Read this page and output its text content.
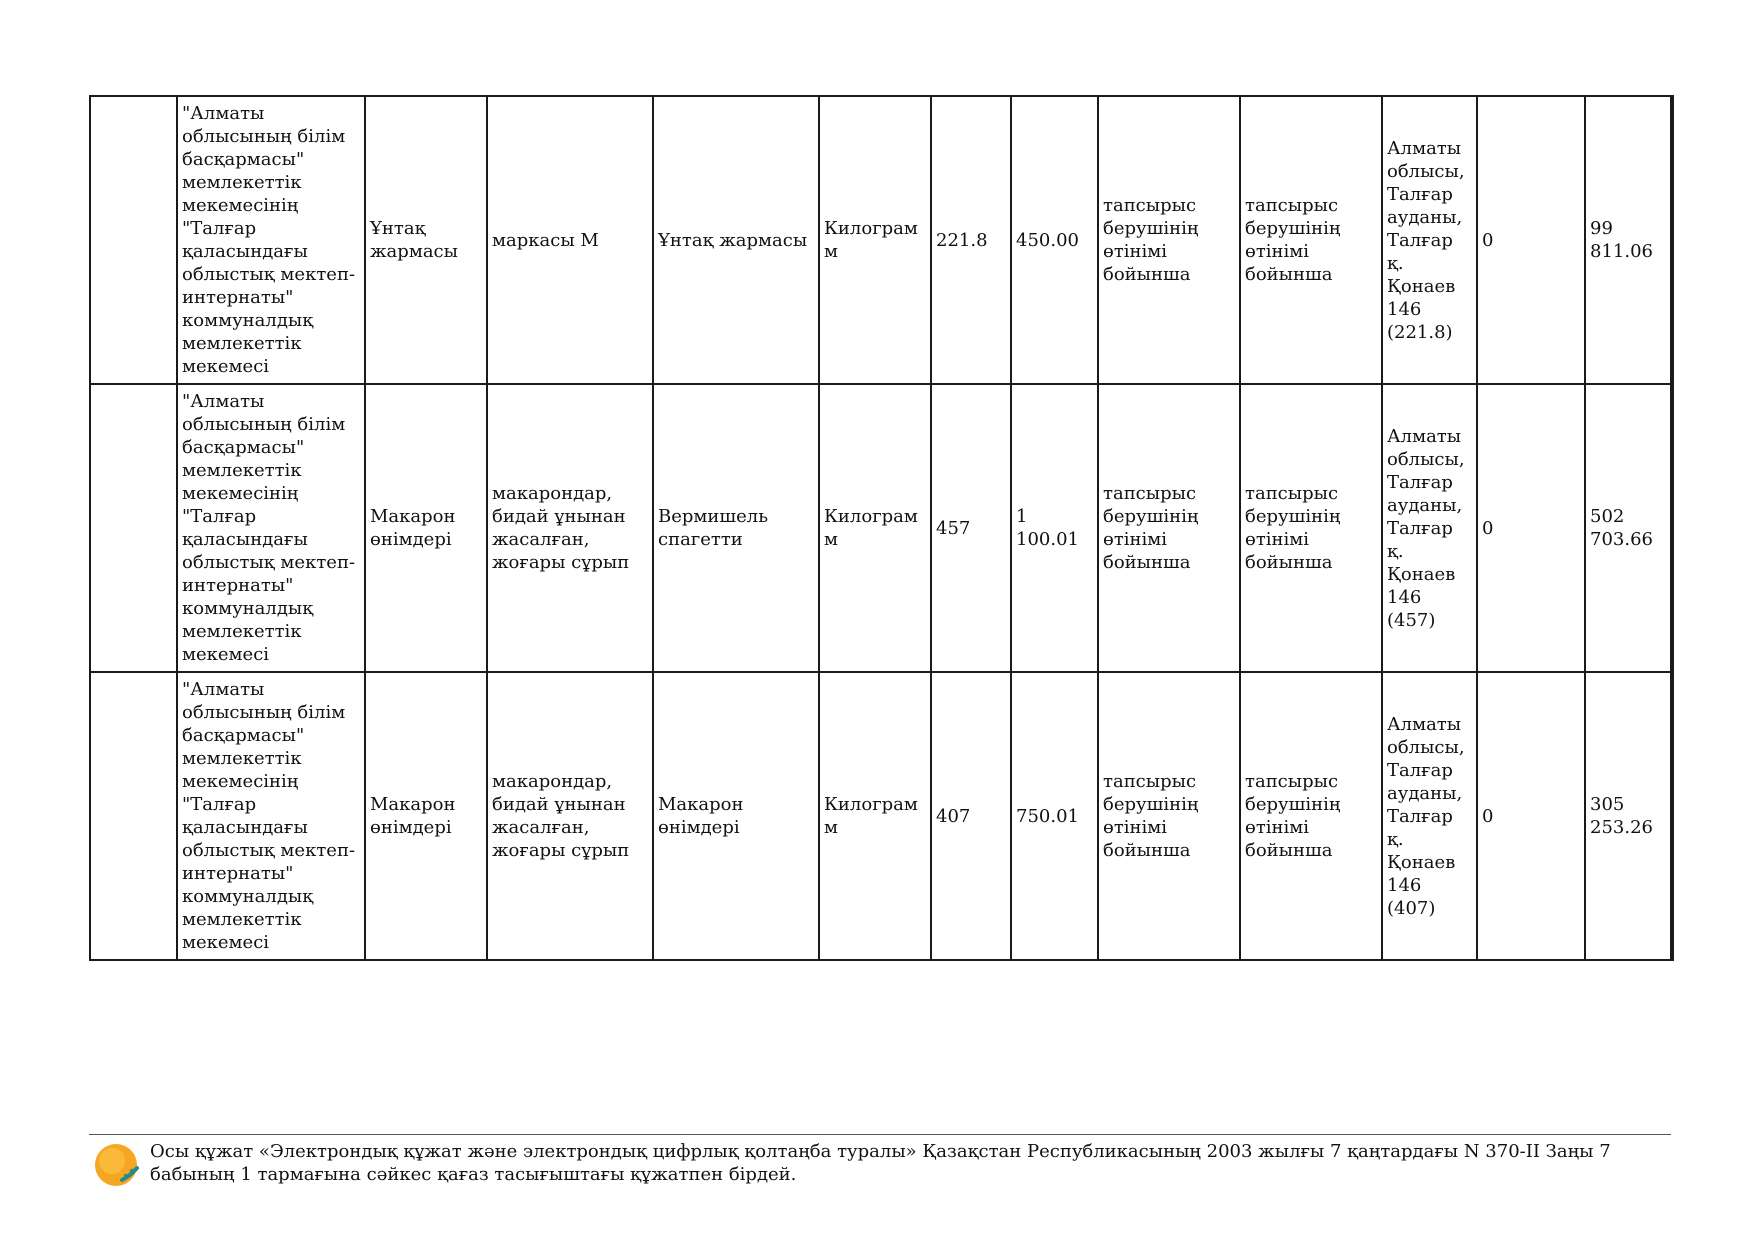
	"Алматы облысының білім басқармасы" мемлекеттік мекемесінің "Талғар қаласындағы облыстық мектеп-интернаты" коммуналдық мемлекеттік мекемесі	Ұнтақ жармасы	маркасы М	Ұнтақ жармасы	Килограмм	221.8	450.00	тапсырыс берушінің өтінімі бойынша	тапсырыс берушінің өтінімі бойынша	Алматы облысы, Талғар ауданы, Талғар қ. Қонаев 146 (221.8)	0	99 811.06
	"Алматы облысының білім басқармасы" мемлекеттік мекемесінің "Талғар қаласындағы облыстық мектеп-интернаты" коммуналдық мемлекеттік мекемесі	Макарон өнімдері	макарондар, бидай ұнынан жасалған, жоғары сұрып	Вермишель спагетти	Килограмм	457	1 100.01	тапсырыс берушінің өтінімі бойынша	тапсырыс берушінің өтінімі бойынша	Алматы облысы, Талғар ауданы, Талғар қ. Қонаев 146 (457)	0	502 703.66
	"Алматы облысының білім басқармасы" мемлекеттік мекемесінің "Талғар қаласындағы облыстық мектеп-интернаты" коммуналдық мемлекеттік мекемесі	Макарон өнімдері	макарондар, бидай ұнынан жасалған, жоғары сұрып	Макарон өнімдері	Килограмм	407	750.01	тапсырыс берушінің өтінімі бойынша	тапсырыс берушінің өтінімі бойынша	Алматы облысы, Талғар ауданы, Талғар қ. Қонаев 146 (407)	0	305 253.26
Осы құжат «Электрондық құжат және электрондық цифрлық қолтаңба туралы» Қазақстан Республикасының 2003 жылғы 7 қаңтардағы N 370-II Заңы 7 бабының 1 тармағына сәйкес қағаз тасығыштағы құжатпен бірдей.
